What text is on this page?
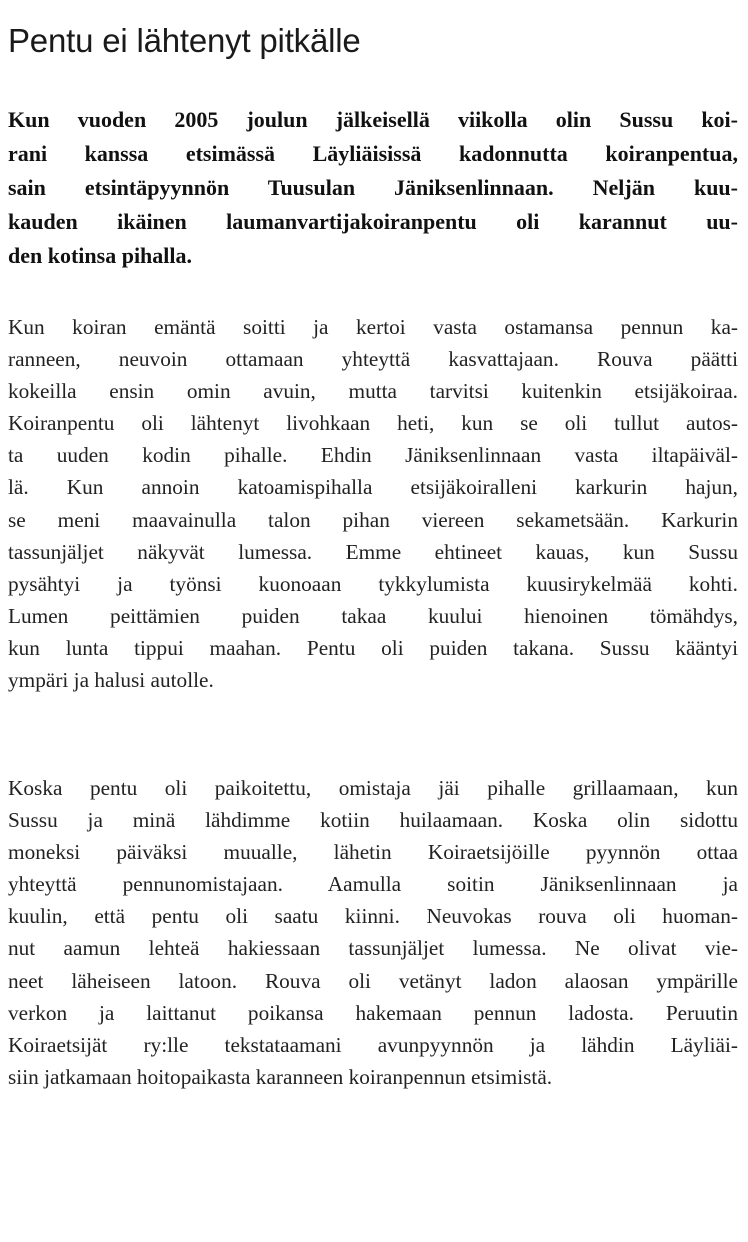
Pentu ei lähtenyt pitkälle
Kun vuoden 2005 joulun jälkeisellä viikolla olin Sussu koi-
rani kanssa etsimässä Läyliäisissä kadonnutta koiranpentua,
sain etsintäpyynnön Tuusulan Jäniksenlinnaan. Neljän kuu-
kauden ikäinen laumanvartijakoiranpentu oli karannut uu-
den kotinsa pihalla.
Kun koiran emäntä soitti ja kertoi vasta ostamansa pennun ka-
ranneen, neuvoin ottamaan yhteyttä kasvattajaan. Rouva päätti
kokeilla ensin omin avuin, mutta tarvitsi kuitenkin etsijäkoiraa.
Koiranpentu oli lähtenyt livohkaan heti, kun se oli tullut autos-
ta uuden kodin pihalle. Ehdin Jäniksenlinnaan vasta iltapäiväl-
lä. Kun annoin katoamispihalla etsijäkoiralleni karkurin hajun,
se meni maavainulla talon pihan viereen sekametsään. Karkurin
tassunjäljet näkyvät lumessa. Emme ehtineet kauas, kun Sussu
pysähtyi ja työnsi kuonoaan tykkylumista kuusirykelmää kohti.
Lumen peittämien puiden takaa kuului hienoinen tömähdys,
kun lunta tippui maahan. Pentu oli puiden takana. Sussu kääntyi
ympäri ja halusi autolle.
Koska pentu oli paikoitettu, omistaja jäi pihalle grillaamaan, kun
Sussu ja minä lähdimme kotiin huilaamaan. Koska olin sidottu
moneksi päiväksi muualle, lähetin Koiraetsijöille pyynnön ottaa
yhteyttä pennunomistajaan. Aamulla soitin Jäniksenlinnaan ja
kuulin, että pentu oli saatu kiinni. Neuvokas rouva oli huoman-
nut aamun lehteä hakiessaan tassunjäljet lumessa. Ne olivat vie-
neet läheiseen latoon. Rouva oli vetänyt ladon alaosan ympärille
verkon ja laittanut poikansa hakemaan pennun ladosta. Peruutin
Koiraetsijät ry:lle tekstataamani avunpyynnön ja lähdin Läyliäi-
siin jatkamaan hoitopaikasta karanneen koiranpennun etsimistä.
